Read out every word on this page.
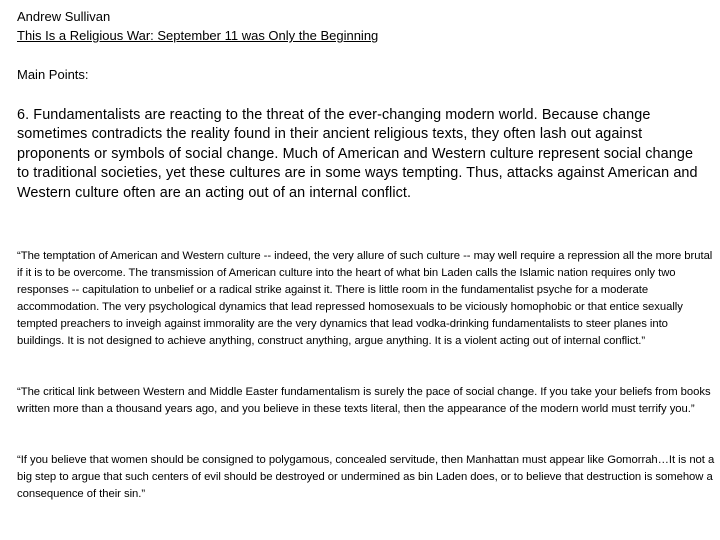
Andrew Sullivan
This Is a Religious War: September 11 was Only the Beginning
Main Points:
6. Fundamentalists are reacting to the threat of the ever-changing modern world. Because change sometimes contradicts the reality found in their ancient religious texts, they often lash out against proponents or symbols of social change. Much of American and Western culture represent social change to traditional societies, yet these cultures are in some ways tempting. Thus, attacks against American and Western culture often are an acting out of an internal conflict.
“The temptation of American and Western culture -- indeed, the very allure of such culture -- may well require a repression all the more brutal if it is to be overcome. The transmission of American culture into the heart of what bin Laden calls the Islamic nation requires only two responses -- capitulation to unbelief or a radical strike against it. There is little room in the fundamentalist psyche for a moderate accommodation. The very psychological dynamics that lead repressed homosexuals to be viciously homophobic or that entice sexually tempted preachers to inveigh against immorality are the very dynamics that lead vodka-drinking fundamentalists to steer planes into buildings. It is not designed to achieve anything, construct anything, argue anything. It is a violent acting out of internal conflict.”
“The critical link between Western and Middle Easter fundamentalism is surely the pace of social change. If you take your beliefs from books written more than a thousand years ago, and you believe in these texts literal, then the appearance of the modern world must terrify you.”
“If you believe that women should be consigned to polygamous, concealed servitude, then Manhattan must appear like Gomorrah…It is not a big step to argue that such centers of evil should be destroyed or undermined as bin Laden does, or to believe that destruction is somehow a consequence of their sin.”
